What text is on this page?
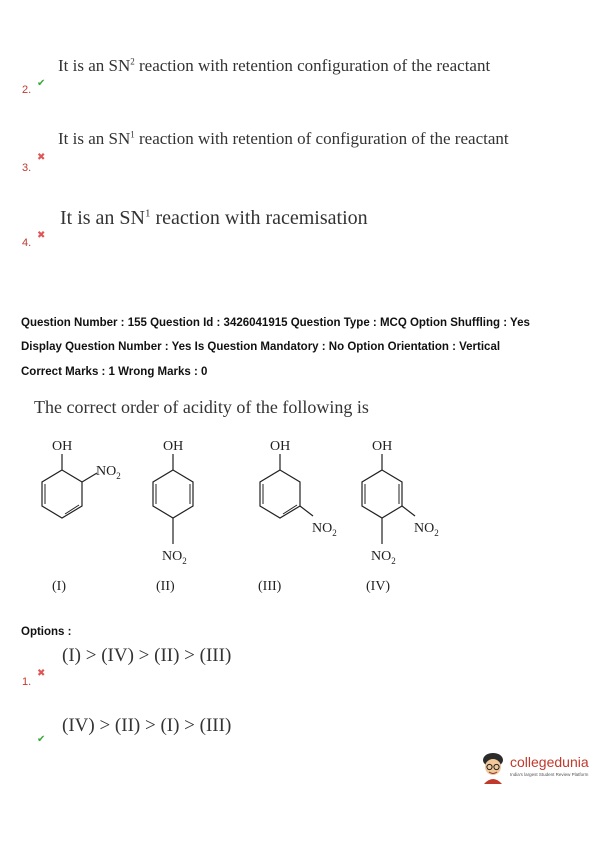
It is an $SN^2$ reaction with retention configuration of the reactant
2.
✔
It is an $SN^1$ reaction with retention of configuration of the reactant
3.
✖
It is an $SN^1$ reaction with racemisation
4.
✖
Question Number : 155 Question Id : 3426041915 Question Type : MCQ Option Shuffling : Yes
Display Question Number : Yes Is Question Mandatory : No Option Orientation : Vertical
Correct Marks : 1 Wrong Marks : 0
The correct order of acidity of the following is
OH
$NO_2$
(I)
OH
$NO_2$
(II)
OH
$NO_2$
(III)
OH
$NO_2$
$NO_2$
(IV)
Options :
(I) > (IV) > (II) > (III)
1.
✖
(IV) > (II) > (I) > (III)
✔
collegedunia
India's largest Student Review Platform
